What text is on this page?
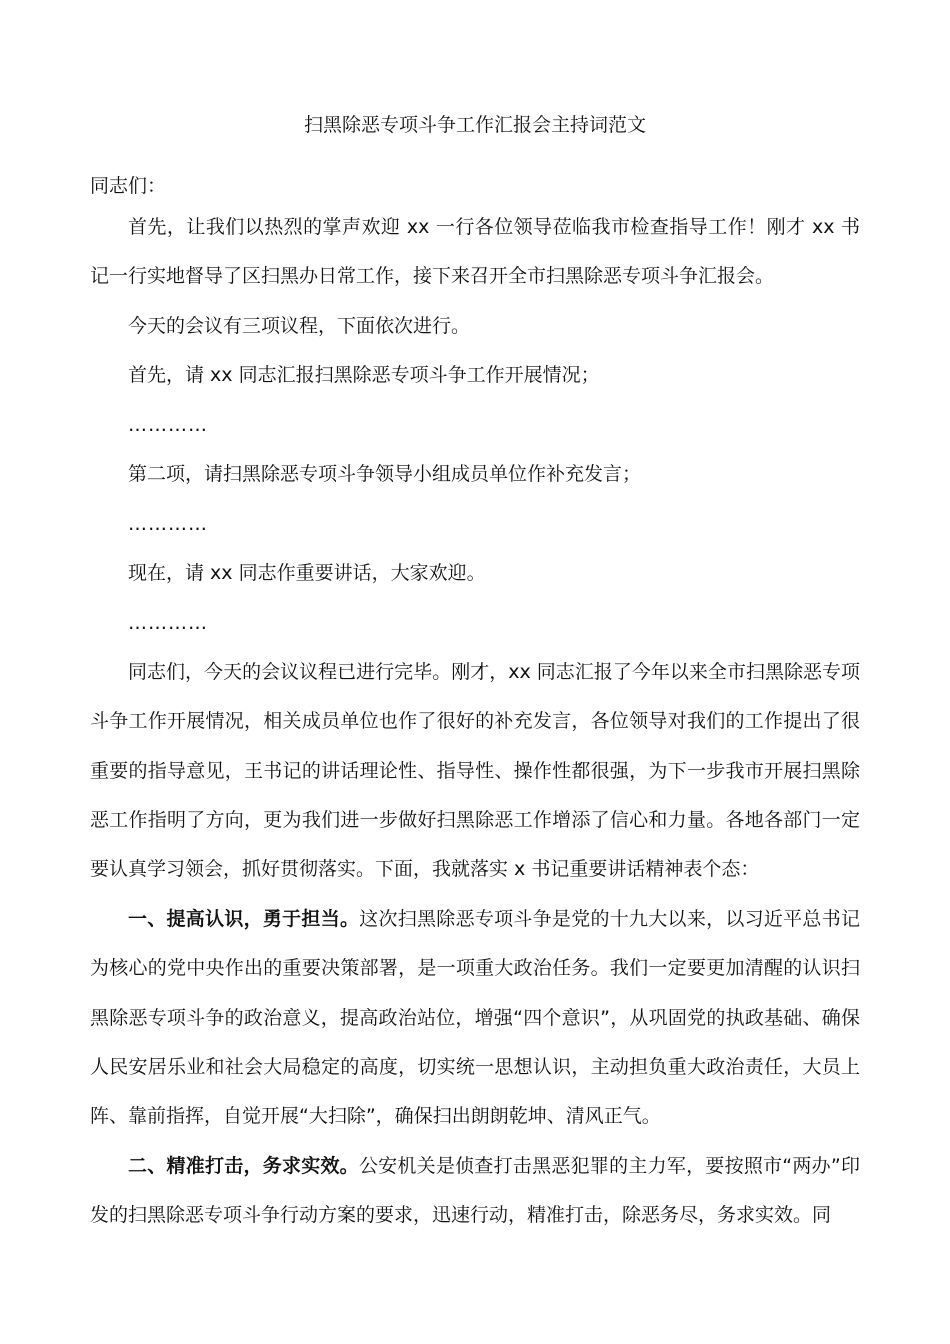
扫黑除恶专项斗争工作汇报会主持词范文

同志们：

首先，让我们以热烈的掌声欢迎 xx 一行各位领导莅临我市检查指导工作！刚才 xx 书记一行实地督导了区扫黑办日常工作，接下来召开全市扫黑除恶专项斗争汇报会。

今天的会议有三项议程，下面依次进行。

首先，请 xx 同志汇报扫黑除恶专项斗争工作开展情况；

…………

第二项，请扫黑除恶专项斗争领导小组成员单位作补充发言；

…………

现在，请 xx 同志作重要讲话，大家欢迎。

…………

同志们，今天的会议议程已进行完毕。刚才，xx 同志汇报了今年以来全市扫黑除恶专项斗争工作开展情况，相关成员单位也作了很好的补充发言，各位领导对我们的工作提出了很重要的指导意见，王书记的讲话理论性、指导性、操作性都很强，为下一步我市开展扫黑除恶工作指明了方向，更为我们进一步做好扫黑除恶工作增添了信心和力量。各地各部门一定要认真学习领会，抓好贯彻落实。下面，我就落实 x 书记重要讲话精神表个态：

一、提高认识，勇于担当。这次扫黑除恶专项斗争是党的十九大以来，以习近平总书记为核心的党中央作出的重要决策部署，是一项重大政治任务。我们一定要更加清醒的认识扫黑除恶专项斗争的政治意义，提高政治站位，增强“四个意识”，从巩固党的执政基础、确保人民安居乐业和社会大局稳定的高度，切实统一思想认识，主动担负重大政治责任，大员上阵、靠前指挥，自觉开展“大扫除”，确保扫出朗朗乾坤、清风正气。

二、精准打击，务求实效。公安机关是侦查打击黑恶犯罪的主力军，要按照市“两办”印发的扫黑除恶专项斗争行动方案的要求，迅速行动，精准打击，除恶务尽，务求实效。同
